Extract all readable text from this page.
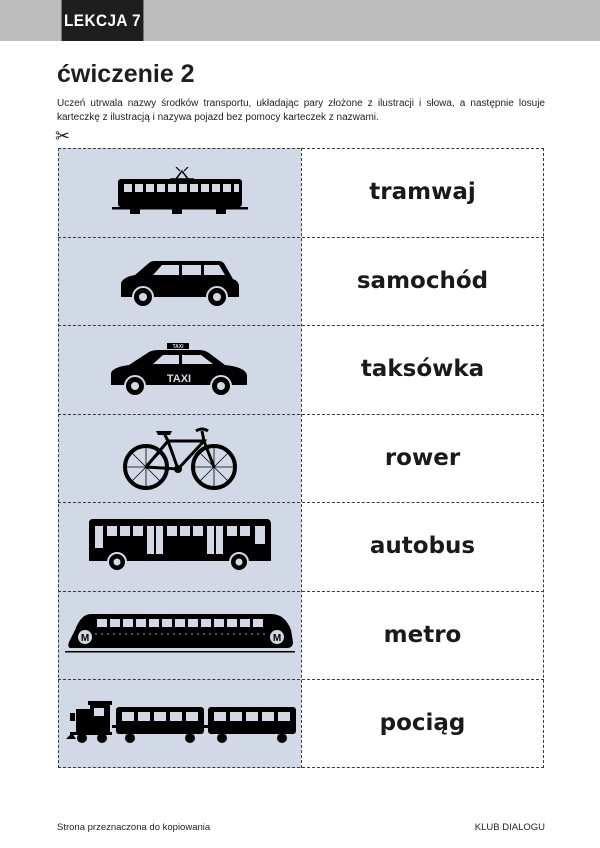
LEKCJA 7
ćwiczenie 2
Uczeń utrwala nazwy środków transportu, układając pary złożone z ilustracji i słowa, a następnie losuje karteczkę z ilustracją i nazywa pojazd bez pomocy karteczek z nazwami.
✂
tramwaj
samochód
TAXI
TAXI	taksówka
rower
autobus
M	M	metro
pociąg
Strona przeznaczona do kopiowania	KLUB DIALOGU
